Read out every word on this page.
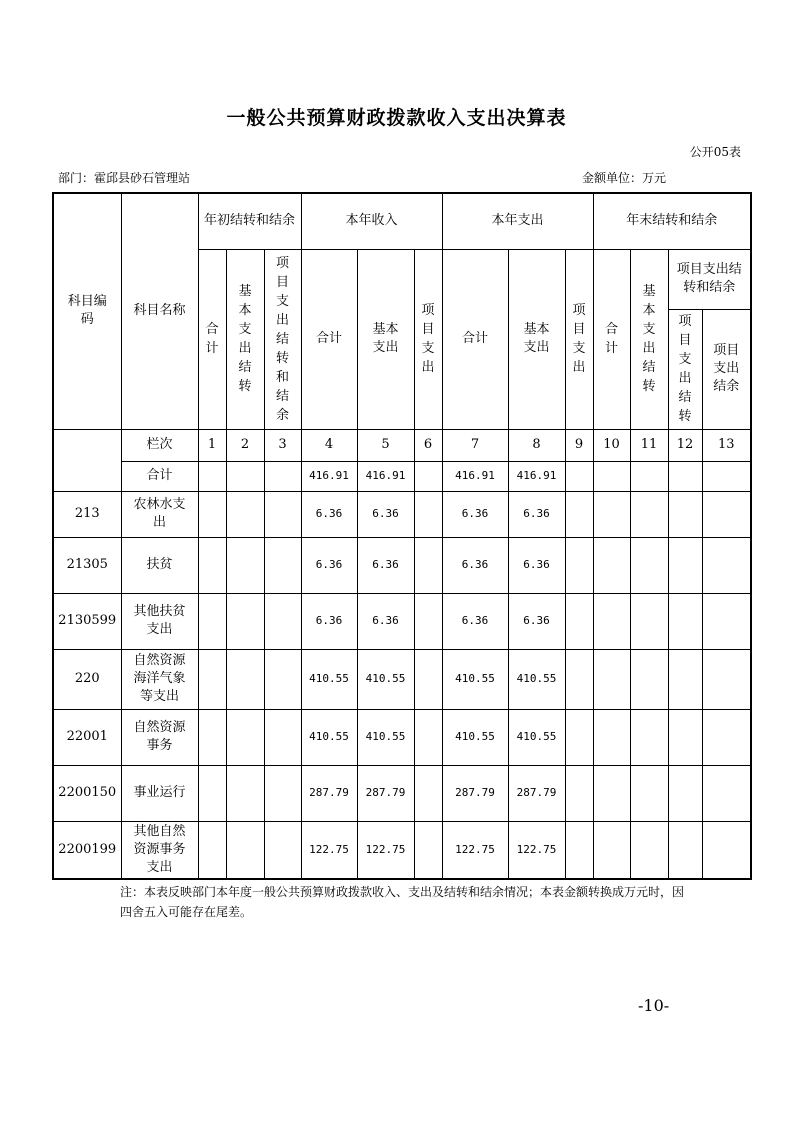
一般公共预算财政拨款收入支出决算表
公开05表
部门：霍邱县砂石管理站	金额单位：万元
科目编码	科目名称	年初结转和结余			本年收入			本年支出			年末结转和结余			
		合计	基本支出结转	项目支出结转和结余	合计	基本支出	项目支出	合计	基本支出	项目支出	合计	基本支出结转	项目支出结转和结余	
													项目支出结转	项目支出结余
	栏次	1	2	3	4	5	6	7	8	9	10	11	12	13
	合计				416.91	416.91		416.91	416.91					
213	农林水支出				6.36	6.36		6.36	6.36					
21305	扶贫				6.36	6.36		6.36	6.36					
2130599	其他扶贫支出				6.36	6.36		6.36	6.36					
220	自然资源海洋气象等支出				410.55	410.55		410.55	410.55					
22001	自然资源事务				410.55	410.55		410.55	410.55					
2200150	事业运行				287.79	287.79		287.79	287.79					
2200199	其他自然资源事务支出				122.75	122.75		122.75	122.75					
注：本表反映部门本年度一般公共预算财政拨款收入、支出及结转和结余情况；本表金额转换成万元时，因四舍五入可能存在尾差。
-10-
